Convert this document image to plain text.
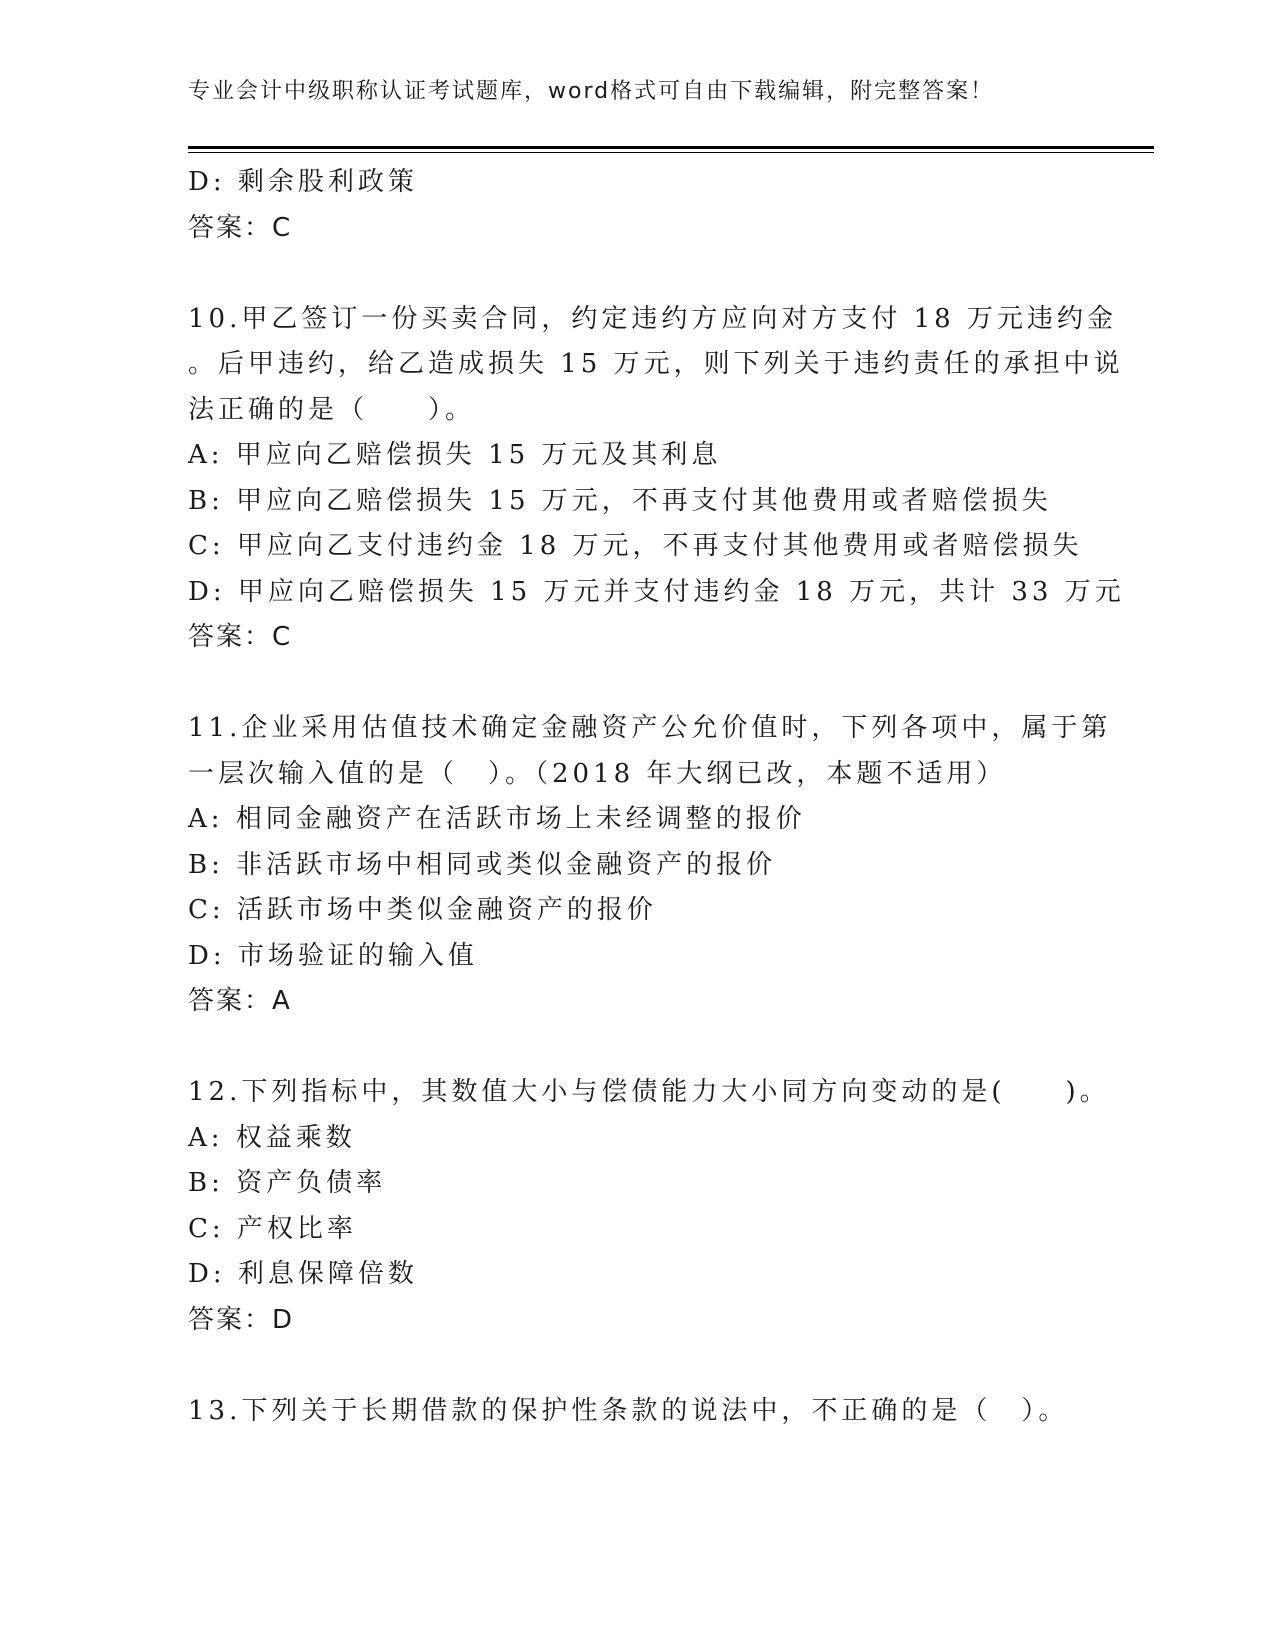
专业会计中级职称认证考试题库，word格式可自由下载编辑，附完整答案！
D: 剩余股利政策
答案：C
10.甲乙签订一份买卖合同，约定违约方应向对方支付 18 万元违约金
。后甲违约，给乙造成损失 15 万元，则下列关于违约责任的承担中说
法正确的是（　　）。
A: 甲应向乙赔偿损失 15 万元及其利息
B: 甲应向乙赔偿损失 15 万元，不再支付其他费用或者赔偿损失
C: 甲应向乙支付违约金 18 万元，不再支付其他费用或者赔偿损失
D: 甲应向乙赔偿损失 15 万元并支付违约金 18 万元，共计 33 万元
答案：C
11.企业采用估值技术确定金融资产公允价值时，下列各项中，属于第
一层次输入值的是（　）。（2018 年大纲已改，本题不适用）
A: 相同金融资产在活跃市场上未经调整的报价
B: 非活跃市场中相同或类似金融资产的报价
C: 活跃市场中类似金融资产的报价
D: 市场验证的输入值
答案：A
12.下列指标中，其数值大小与偿债能力大小同方向变动的是(　　)。
A: 权益乘数
B: 资产负债率
C: 产权比率
D: 利息保障倍数
答案：D
13.下列关于长期借款的保护性条款的说法中，不正确的是（　）。
